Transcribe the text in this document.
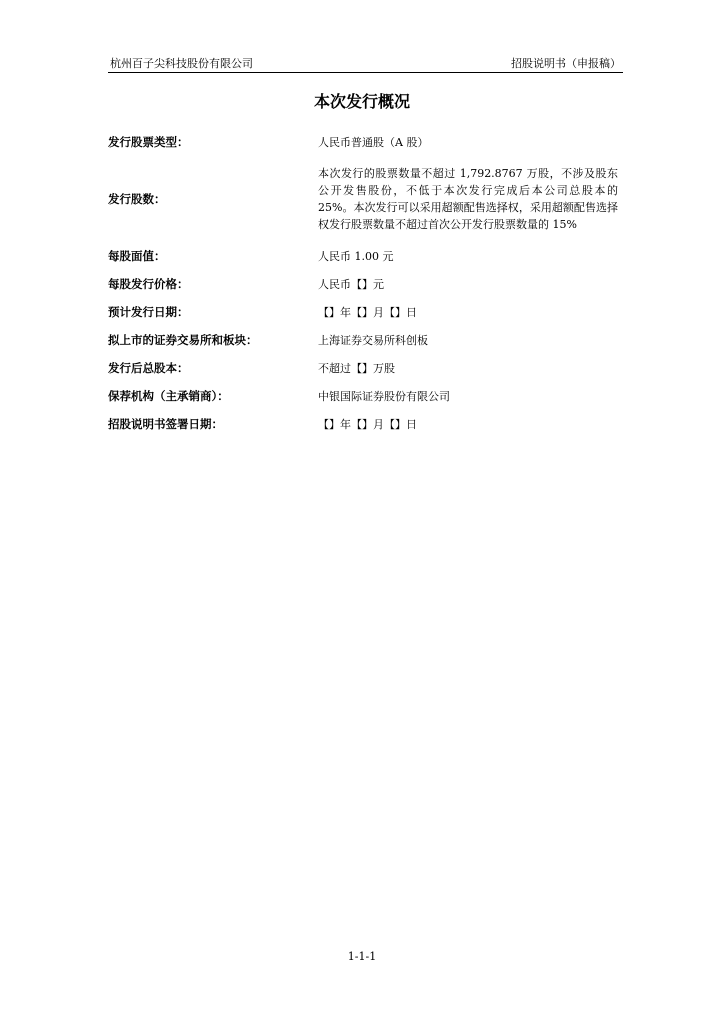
杭州百子尖科技股份有限公司	招股说明书（申报稿）
本次发行概况
发行股票类型：	人民币普通股（A 股）
发行股数：
本次发行的股票数量不超过 1,792.8767 万股，不涉及股东公开发售股份，不低于本次发行完成后本公司总股本的 25%。本次发行可以采用超额配售选择权，采用超额配售选择权发行股票数量不超过首次公开发行股票数量的 15%
每股面值：	人民币 1.00 元
每股发行价格：	人民币【】元
预计发行日期：	【】年【】月【】日
拟上市的证券交易所和板块：	上海证券交易所科创板
发行后总股本：	不超过【】万股
保荐机构（主承销商）：	中银国际证券股份有限公司
招股说明书签署日期：	【】年【】月【】日
1-1-1
